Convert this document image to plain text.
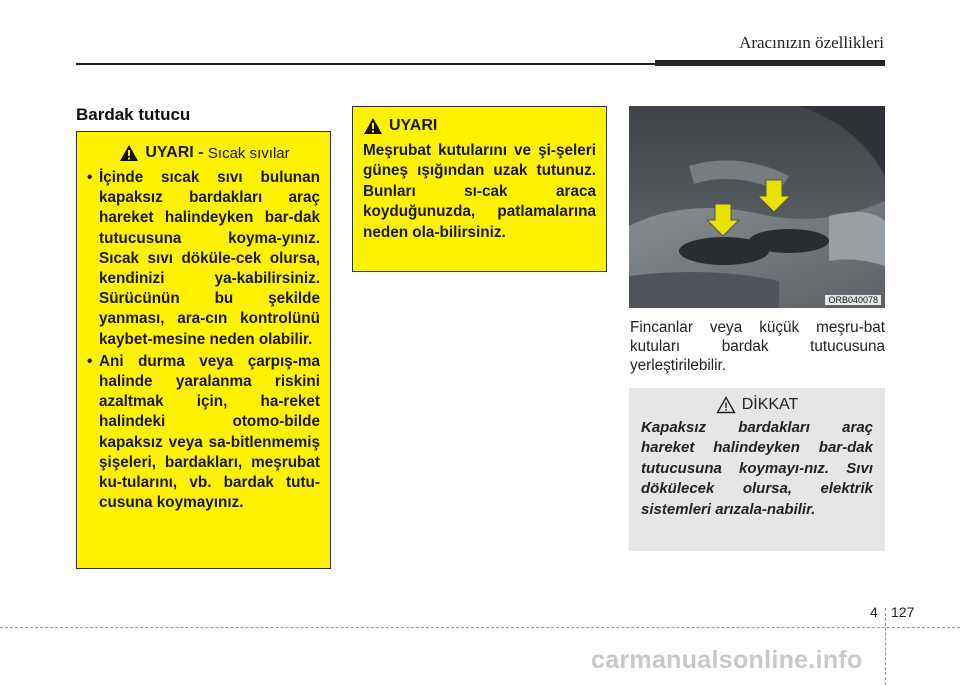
Aracınızın özellikleri
Bardak tutucu
UYARI -
Sıcak sıvılar
• İçinde sıcak sıvı bulunan kapaksız bardakları araç hareket halindeyken bar-dak tutucusuna koyma-yınız. Sıcak sıvı döküle-cek olursa, kendinizi ya-kabilirsiniz. Sürücünün bu şekilde yanması, ara-cın kontrolünü kaybet-mesine neden olabilir.
• Ani durma veya çarpış-ma halinde yaralanma riskini azaltmak için, ha-reket halindeki otomo-bilde kapaksız veya sa-bitlenmemiş şişeleri, bardakları, meşrubat ku-tularını, vb. bardak tutu-cusuna koymayınız.
UYARI

Meşrubat kutularını ve şi-şeleri güneş ışığından uzak tutunuz. Bunları sı-cak araca koyduğunuzda, patlamalarına neden ola-bilirsiniz.

ORB040078

Fincanlar veya küçük meşru-bat kutuları bardak tutucusuna yerleştirilebilir.

DİKKAT

Kapaksız bardakları araç hareket halindeyken bar-dak tutucusuna koymayı-nız. Sıvı dökülecek olursa, elektrik sistemleri arızala-nabilir.

4 127
carmanualsonline.info
